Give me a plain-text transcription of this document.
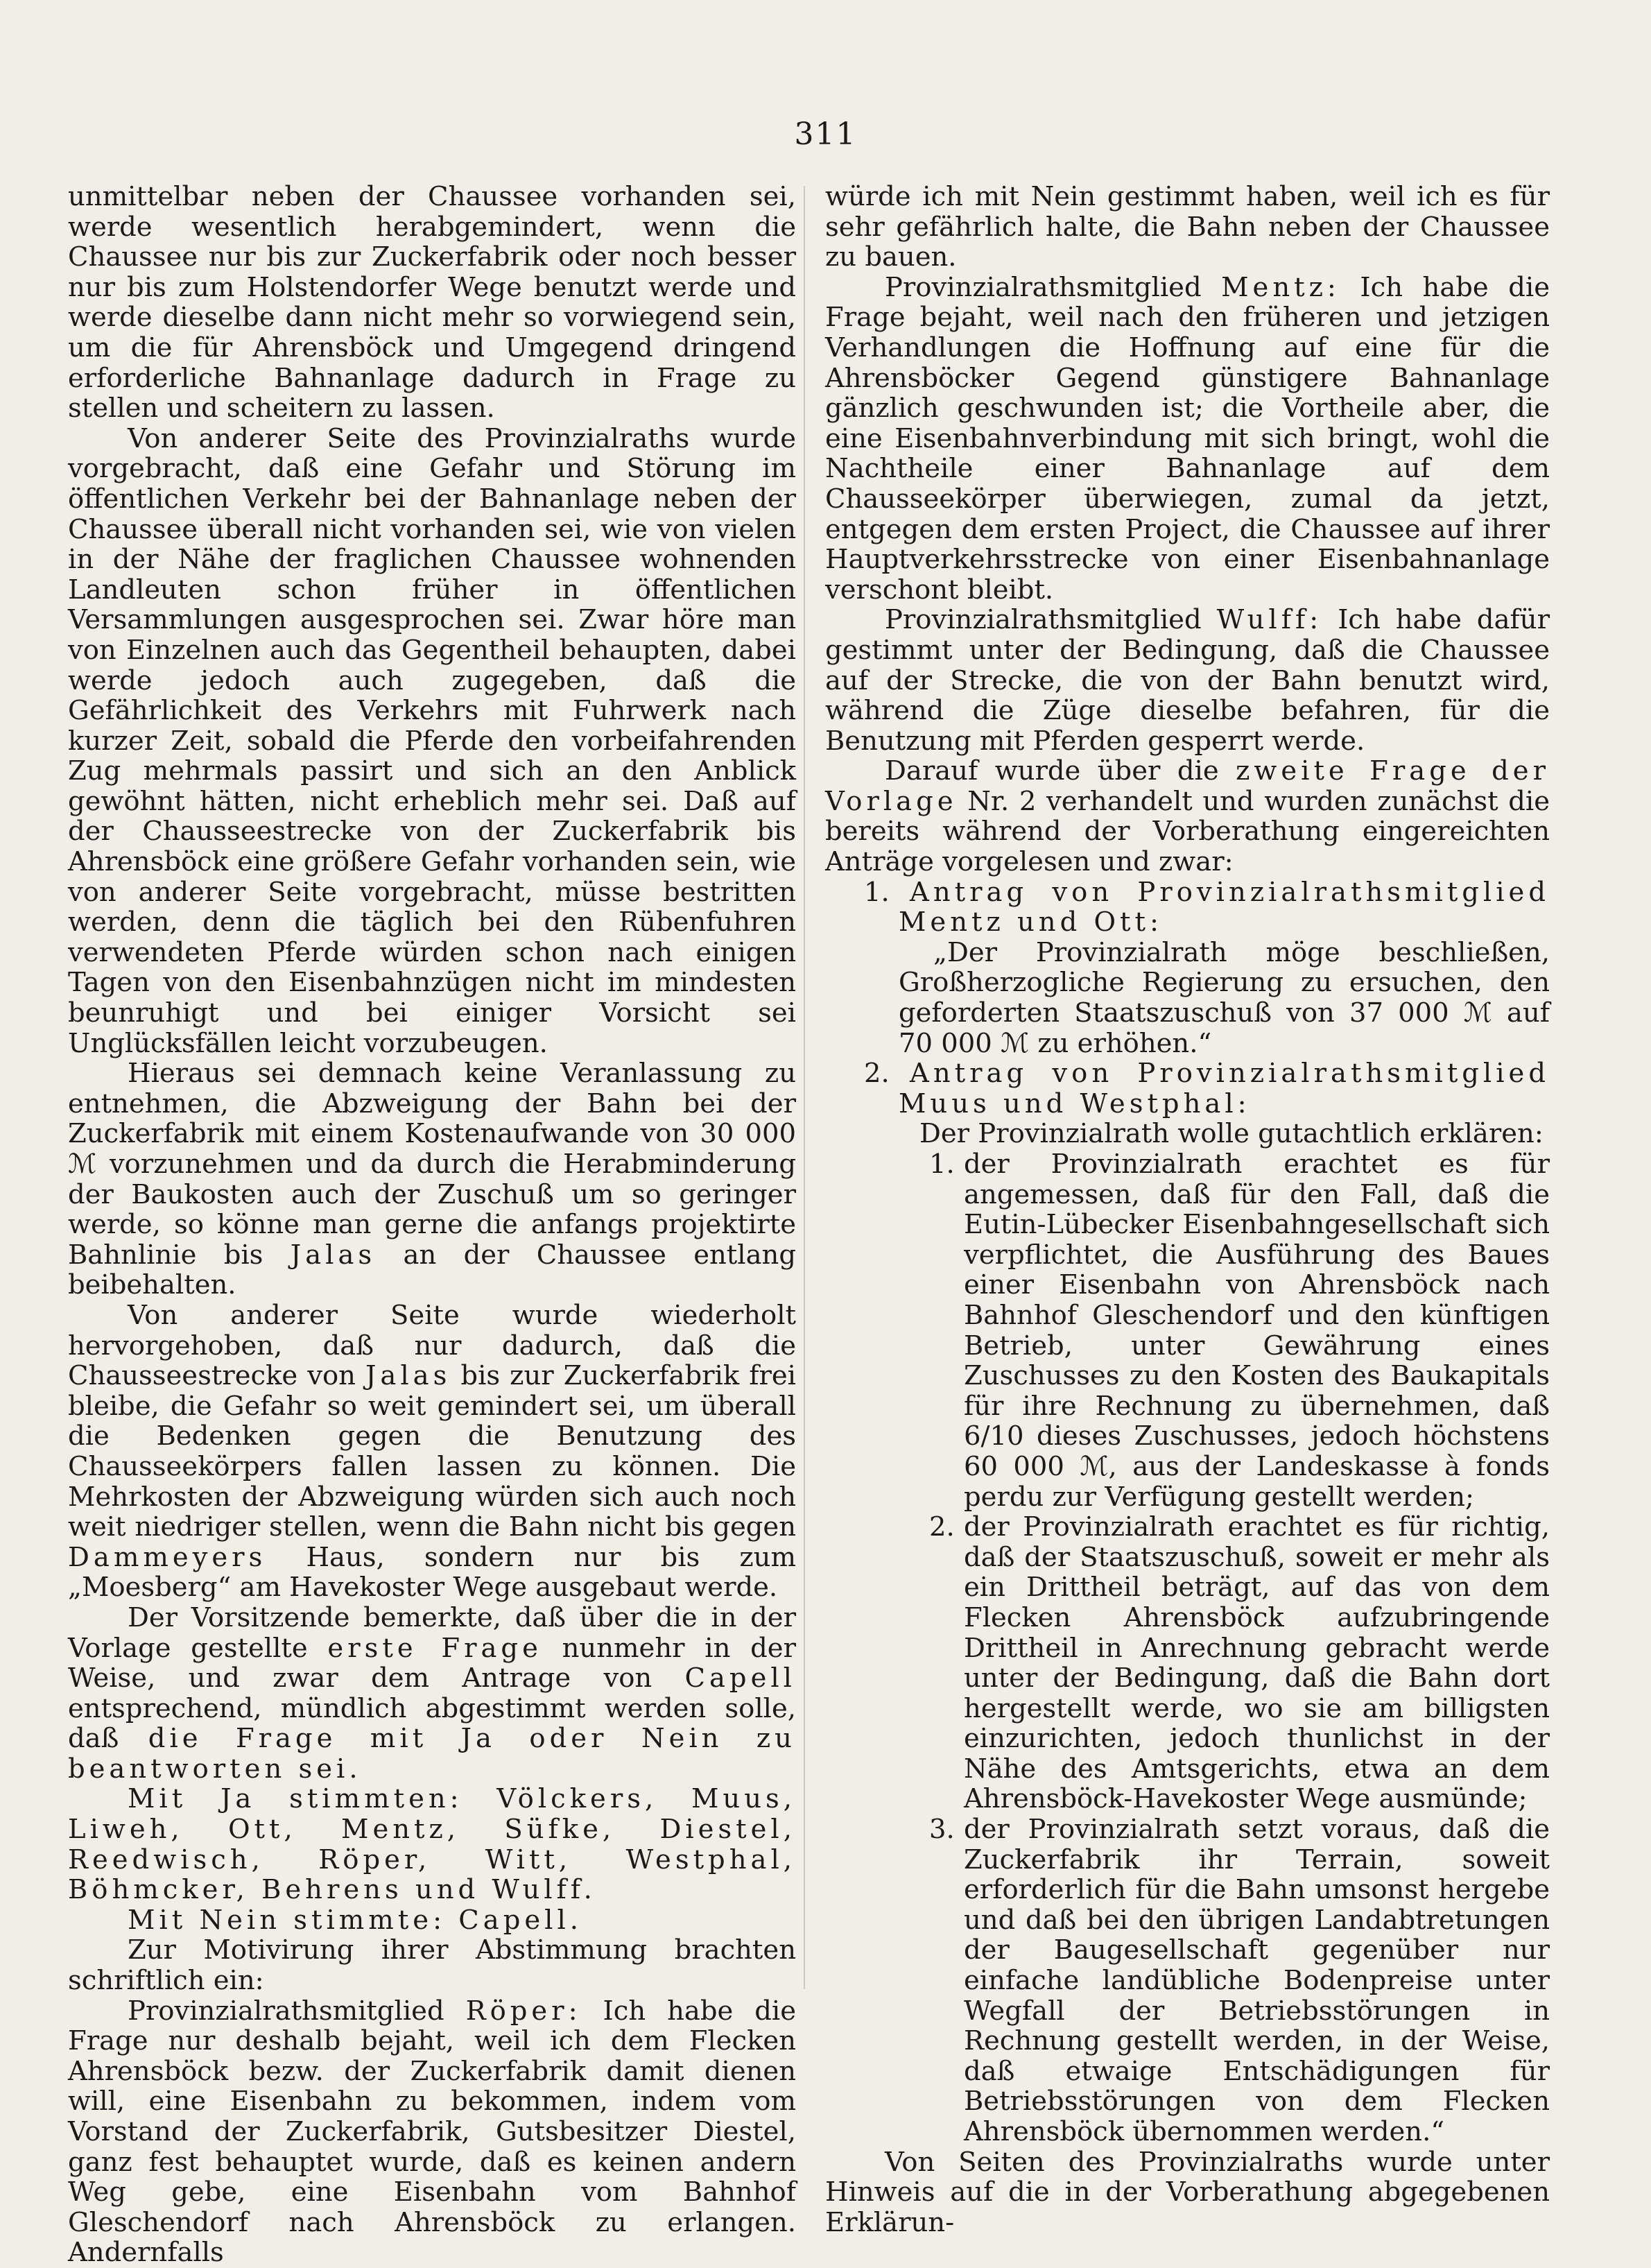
311

unmittelbar neben der Chaussee vorhanden sei, werde wesentlich herabgemindert, wenn die Chaussee nur bis zur Zuckerfabrik oder noch besser nur bis zum Holstendorfer Wege benutzt werde und werde dieselbe dann nicht mehr so vorwiegend sein, um die für Ahrensböck und Umgegend dringend erforderliche Bahnanlage dadurch in Frage zu stellen und scheitern zu lassen.

Von anderer Seite des Provinzialraths wurde vorgebracht, daß eine Gefahr und Störung im öffentlichen Verkehr bei der Bahnanlage neben der Chaussee überall nicht vorhanden sei, wie von vielen in der Nähe der fraglichen Chaussee wohnenden Landleuten schon früher in öffentlichen Versammlungen ausgesprochen sei. Zwar höre man von Einzelnen auch das Gegentheil behaupten, dabei werde jedoch auch zugegeben, daß die Gefährlichkeit des Verkehrs mit Fuhrwerk nach kurzer Zeit, sobald die Pferde den vorbeifahrenden Zug mehrmals passirt und sich an den Anblick gewöhnt hätten, nicht erheblich mehr sei. Daß auf der Chausseestrecke von der Zuckerfabrik bis Ahrensböck eine größere Gefahr vorhanden sein, wie von anderer Seite vorgebracht, müsse bestritten werden, denn die täglich bei den Rübenfuhren verwendeten Pferde würden schon nach einigen Tagen von den Eisenbahnzügen nicht im mindesten beunruhigt und bei einiger Vorsicht sei Unglücksfällen leicht vorzubeugen.

Hieraus sei demnach keine Veranlassung zu entnehmen, die Abzweigung der Bahn bei der Zuckerfabrik mit einem Kostenaufwande von 30 000 ℳ vorzunehmen und da durch die Herabminderung der Baukosten auch der Zuschuß um so geringer werde, so könne man gerne die anfangs projektirte Bahnlinie bis Jalas an der Chaussee entlang beibehalten.

Von anderer Seite wurde wiederholt hervorgehoben, daß nur dadurch, daß die Chausseestrecke von Jalas bis zur Zuckerfabrik frei bleibe, die Gefahr so weit gemindert sei, um überall die Bedenken gegen die Benutzung des Chausseekörpers fallen lassen zu können. Die Mehrkosten der Abzweigung würden sich auch noch weit niedriger stellen, wenn die Bahn nicht bis gegen Dammeyers Haus, sondern nur bis zum „Moesberg“ am Havekoster Wege ausgebaut werde.

Der Vorsitzende bemerkte, daß über die in der Vorlage gestellte erste Frage nunmehr in der Weise, und zwar dem Antrage von Capell entsprechend, mündlich abgestimmt werden solle, daß die Frage mit Ja oder Nein zu beantworten sei.

Mit Ja stimmten: Völckers, Muus, Liweh, Ott, Mentz, Süfke, Diestel, Reedwisch, Röper, Witt, Westphal, Böhmcker, Behrens und Wulff.

Mit Nein stimmte: Capell.

Zur Motivirung ihrer Abstimmung brachten schriftlich ein:

Provinzialrathsmitglied Röper: Ich habe die Frage nur deshalb bejaht, weil ich dem Flecken Ahrensböck bezw. der Zuckerfabrik damit dienen will, eine Eisenbahn zu bekommen, indem vom Vorstand der Zuckerfabrik, Gutsbesitzer Diestel, ganz fest behauptet wurde, daß es keinen andern Weg gebe, eine Eisenbahn vom Bahnhof Gleschendorf nach Ahrensböck zu erlangen. Andernfalls

würde ich mit Nein gestimmt haben, weil ich es für sehr gefährlich halte, die Bahn neben der Chaussee zu bauen.

Provinzialrathsmitglied Mentz: Ich habe die Frage bejaht, weil nach den früheren und jetzigen Verhandlungen die Hoffnung auf eine für die Ahrensböcker Gegend günstigere Bahnanlage gänzlich geschwunden ist; die Vortheile aber, die eine Eisenbahnverbindung mit sich bringt, wohl die Nachtheile einer Bahnanlage auf dem Chausseekörper überwiegen, zumal da jetzt, entgegen dem ersten Project, die Chaussee auf ihrer Hauptverkehrsstrecke von einer Eisenbahnanlage verschont bleibt.

Provinzialrathsmitglied Wulff: Ich habe dafür gestimmt unter der Bedingung, daß die Chaussee auf der Strecke, die von der Bahn benutzt wird, während die Züge dieselbe befahren, für die Benutzung mit Pferden gesperrt werde.

Darauf wurde über die zweite Frage der Vorlage Nr. 2 verhandelt und wurden zunächst die bereits während der Vorberathung eingereichten Anträge vorgelesen und zwar:

1. Antrag von Provinzialrathsmitglied Mentz und Ott:

„Der Provinzialrath möge beschließen, Großherzogliche Regierung zu ersuchen, den geforderten Staatszuschuß von 37 000 ℳ auf 70 000 ℳ zu erhöhen.“

2. Antrag von Provinzialrathsmitglied Muus und Westphal:

Der Provinzialrath wolle gutachtlich erklären:

1. der Provinzialrath erachtet es für angemessen, daß für den Fall, daß die Eutin-Lübecker Eisenbahngesellschaft sich verpflichtet, die Ausführung des Baues einer Eisenbahn von Ahrensböck nach Bahnhof Gleschendorf und den künftigen Betrieb, unter Gewährung eines Zuschusses zu den Kosten des Baukapitals für ihre Rechnung zu übernehmen, daß 6/10 dieses Zuschusses, jedoch höchstens 60 000 ℳ, aus der Landeskasse à fonds perdu zur Verfügung gestellt werden;
2. der Provinzialrath erachtet es für richtig, daß der Staatszuschuß, soweit er mehr als ein Drittheil beträgt, auf das von dem Flecken Ahrensböck aufzubringende Drittheil in Anrechnung gebracht werde unter der Bedingung, daß die Bahn dort hergestellt werde, wo sie am billigsten einzurichten, jedoch thunlichst in der Nähe des Amtsgerichts, etwa an dem Ahrensböck-Havekoster Wege ausmünde;
3. der Provinzialrath setzt voraus, daß die Zuckerfabrik ihr Terrain, soweit erforderlich für die Bahn umsonst hergebe und daß bei den übrigen Landabtretungen der Baugesellschaft gegenüber nur einfache landübliche Bodenpreise unter Wegfall der Betriebsstörungen in Rechnung gestellt werden, in der Weise, daß etwaige Entschädigungen für Betriebsstörungen von dem Flecken Ahrensböck übernommen werden.“

Von Seiten des Provinzialraths wurde unter Hinweis auf die in der Vorberathung abgegebenen Erklärun-
